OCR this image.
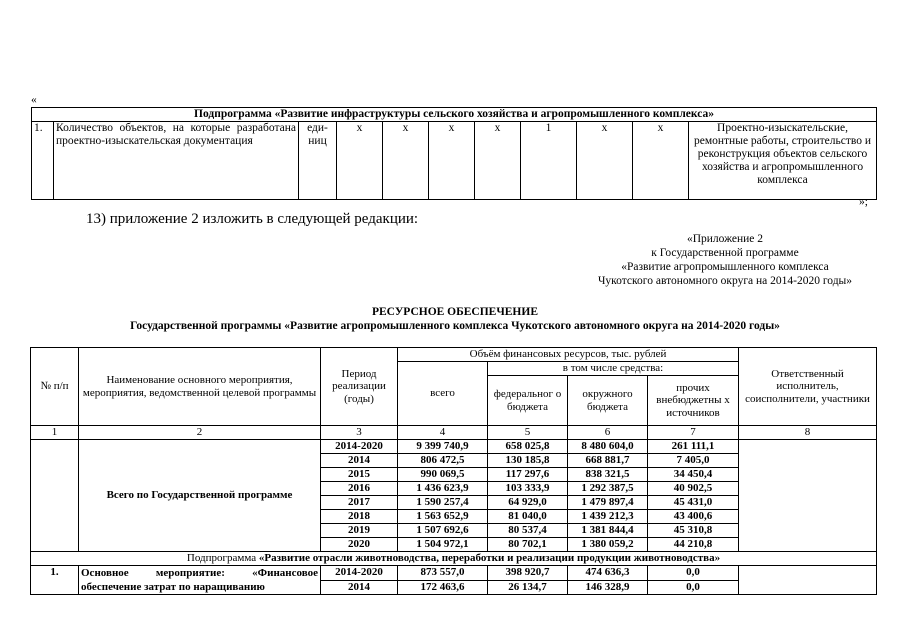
«
Подпрограмма «Развитие инфраструктуры сельского хозяйства и агропромышленного комплекса»
1.	Количество объектов, на которые разработана проектно-изыскательская документация	еди-ниц	х	х	х	х	1	х	х	Проектно-изыскательские, ремонтные работы, строительство и реконструкция объектов сельского хозяйства и агропромышленного комплекса
»;
13) приложение 2 изложить в следующей редакции:
«Приложение 2
к Государственной программе
«Развитие агропромышленного комплекса
Чукотского автономного округа на 2014-2020 годы»
РЕСУРСНОЕ ОБЕСПЕЧЕНИЕ
Государственной программы «Развитие агропромышленного комплекса Чукотского автономного округа на 2014-2020 годы»
№ п/п	Наименование основного мероприятия, мероприятия, ведомственной целевой программы	Период реализации (годы)	Объём финансовых ресурсов, тыс. рублей				Ответственный исполнитель, соисполнители, участники
			всего	в том числе средства:			
				федеральног о бюджета	окружного бюджета	прочих внебюджетны х источников	
1	2	3	4	5	6	7	8
	Всего по Государственной программе	2014-2020	9 399 740,9	658 025,8	8 480 604,0	261 111,1	
		2014	806 472,5	130 185,8	668 881,7	7 405,0	
		2015	990 069,5	117 297,6	838 321,5	34 450,4	
		2016	1 436 623,9	103 333,9	1 292 387,5	40 902,5	
		2017	1 590 257,4	64 929,0	1 479 897,4	45 431,0	
		2018	1 563 652,9	81 040,0	1 439 212,3	43 400,6	
		2019	1 507 692,6	80 537,4	1 381 844,4	45 310,8	
		2020	1 504 972,1	80 702,1	1 380 059,2	44 210,8	
Подпрограмма «Развитие отрасли животноводства, переработки и реализации продукции животноводства»							
1.	Основное мероприятие: «Финансовое обеспечение затрат по наращиванию	2014-2020	873 557,0	398 920,7	474 636,3	0,0	
		2014	172 463,6	26 134,7	146 328,9	0,0	
